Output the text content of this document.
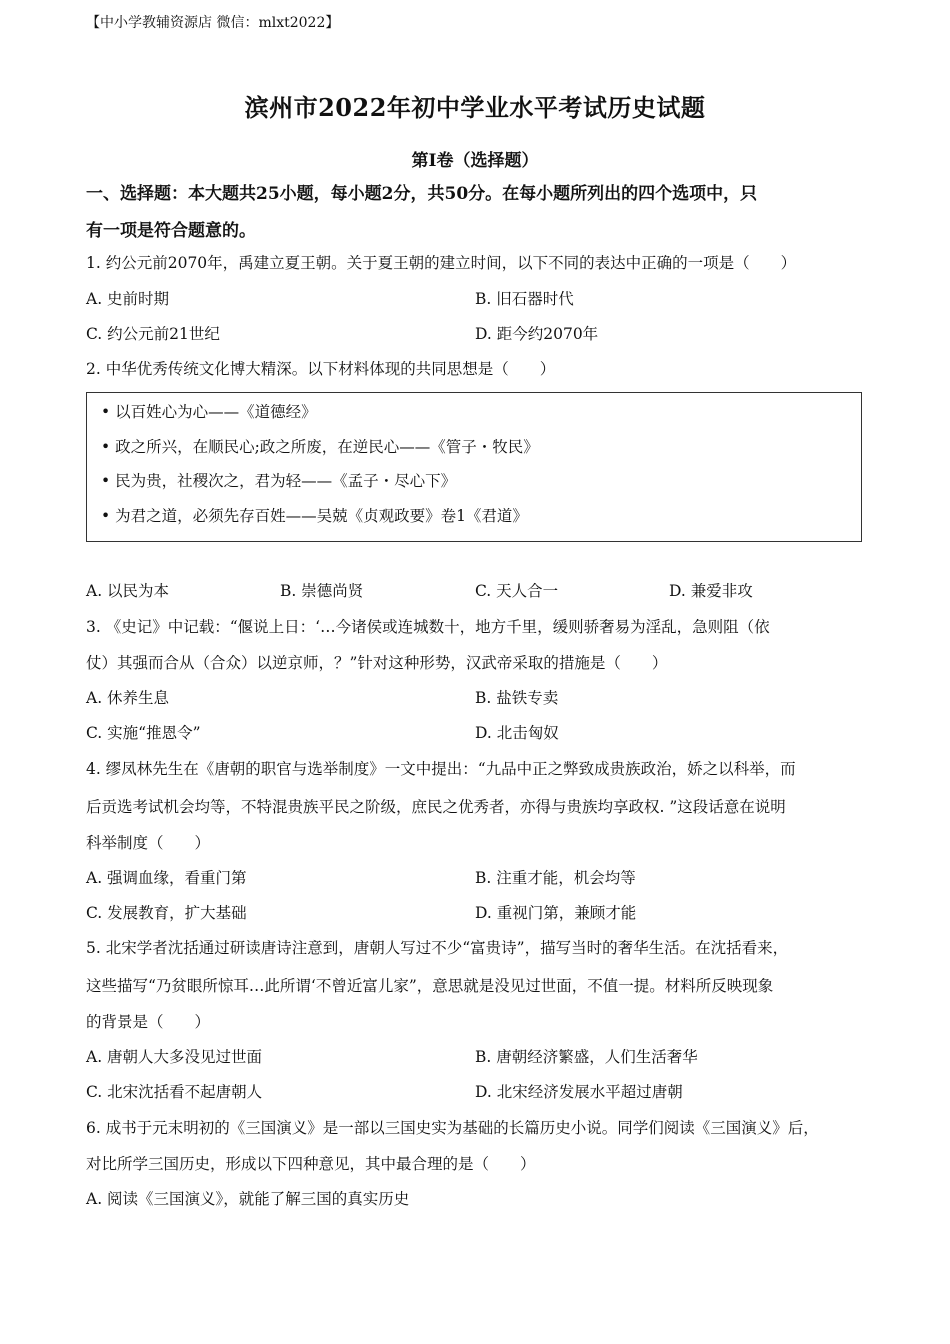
【中小学教辅资源店 微信：mlxt2022】
滨州市2022年初中学业水平考试历史试题
第Ⅰ卷（选择题）
一、选择题：本大题共25小题，每小题2分，共50分。在每小题所列出的四个选项中，只
有一项是符合题意的。
1. 约公元前2070年，禹建立夏王朝。关于夏王朝的建立时间，以下不同的表达中正确的一项是（　　）
A. 史前时期	B. 旧石器时代
C. 约公元前21世纪	D. 距今约2070年
2. 中华优秀传统文化博大精深。以下材料体现的共同思想是（　　）
• 以百姓心为心——《道德经》
• 政之所兴，在顺民心;政之所废，在逆民心——《管子・牧民》
• 民为贵，社稷次之，君为轻——《孟子・尽心下》
• 为君之道，必须先存百姓——吴兢《贞观政要》卷1《君道》
A. 以民为本	B. 崇德尚贤	C. 天人合一	D. 兼爱非攻
3. 《史记》中记载：“偃说上日：‘…今诸侯或连城数十，地方千里，缓则骄奢易为淫乱，急则阻（依
仗）其强而合从（合众）以逆京师，？”针对这种形势，汉武帝采取的措施是（　　）
A. 休养生息	B. 盐铁专卖
C. 实施“推恩令”	D. 北击匈奴
4. 缪凤林先生在《唐朝的职官与选举制度》一文中提出：“九品中正之弊致成贵族政治，娇之以科举，而
后贡选考试机会均等，不特混贵族平民之阶级，庶民之优秀者，亦得与贵族均享政权. ”这段话意在说明
科举制度（　　）
A. 强调血缘，看重门第	B. 注重才能，机会均等
C. 发展教育，扩大基础	D. 重视门第，兼顾才能
5. 北宋学者沈括通过研读唐诗注意到，唐朝人写过不少“富贵诗”，描写当时的奢华生活。在沈括看来，
这些描写“乃贫眼所惊耳…此所谓‘不曾近富儿家”，意思就是没见过世面，不值一提。材料所反映现象
的背景是（　　）
A. 唐朝人大多没见过世面	B. 唐朝经济繁盛，人们生活奢华
C. 北宋沈括看不起唐朝人	D. 北宋经济发展水平超过唐朝
6. 成书于元末明初的《三国演义》是一部以三国史实为基础的长篇历史小说。同学们阅读《三国演义》后，
对比所学三国历史，形成以下四种意见，其中最合理的是（　　）
A. 阅读《三国演义》，就能了解三国的真实历史
